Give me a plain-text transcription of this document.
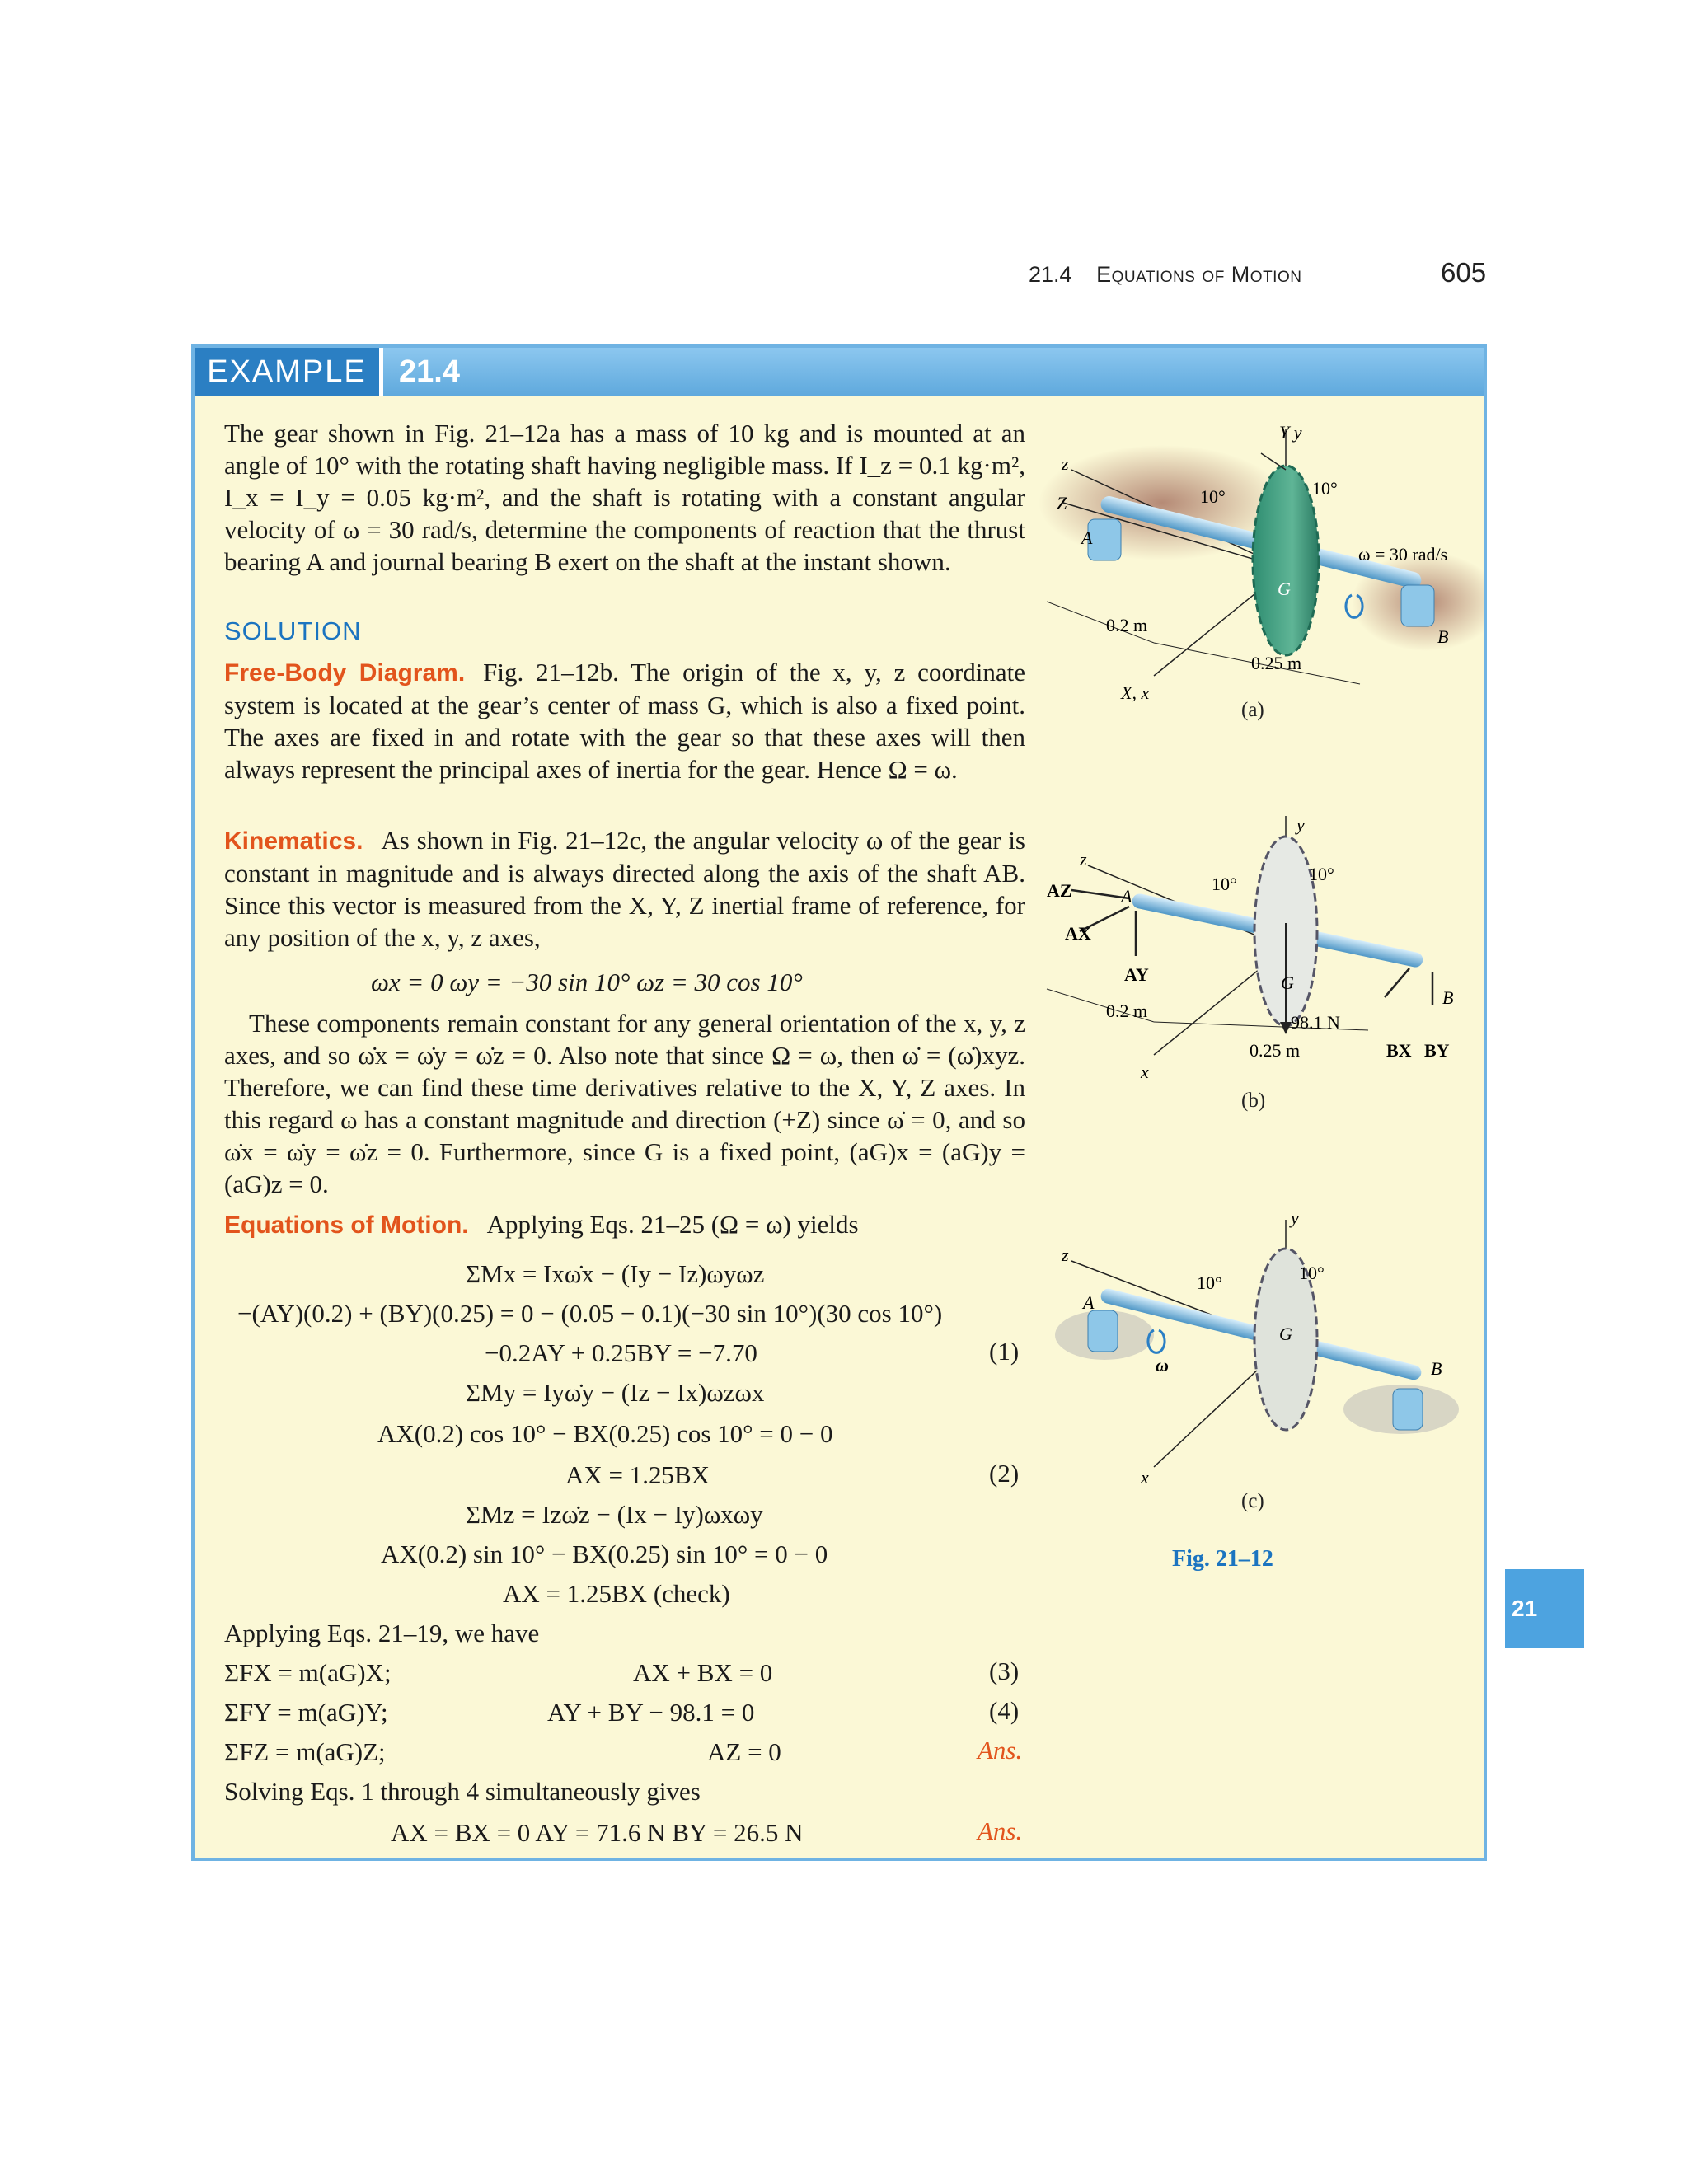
21.4 Equations of Motion	605
EXAMPLE	21.4

The gear shown in Fig. 21–12a has a mass of 10 kg and is mounted at an angle of 10° with the rotating shaft having negligible mass. If I_z = 0.1 kg·m², I_x = I_y = 0.05 kg·m², and the shaft is rotating with a constant angular velocity of ω = 30 rad/s, determine the components of reaction that the thrust bearing A and journal bearing B exert on the shaft at the instant shown.

SOLUTION

Free-Body Diagram. Fig. 21–12b. The origin of the x, y, z coordinate system is located at the gear’s center of mass G, which is also a fixed point. The axes are fixed in and rotate with the gear so that these axes will then always represent the principal axes of inertia for the gear. Hence Ω = ω.

Kinematics. As shown in Fig. 21–12c, the angular velocity ω of the gear is constant in magnitude and is always directed along the axis of the shaft AB. Since this vector is measured from the X, Y, Z inertial frame of reference, for any position of the x, y, z axes,

ωx = 0 ωy = −30 sin 10° ωz = 30 cos 10°

These components remain constant for any general orientation of the x, y, z axes, and so ω̇x = ω̇y = ω̇z = 0. Also note that since Ω = ω, then ω̇ = (ω̇)xyz. Therefore, we can find these time derivatives relative to the X, Y, Z axes. In this regard ω has a constant magnitude and direction (+Z) since ω̇ = 0, and so ω̇x = ω̇y = ω̇z = 0. Furthermore, since G is a fixed point, (aG)x = (aG)y = (aG)z = 0.

Equations of Motion. Applying Eqs. 21–25 (Ω = ω) yields

ΣMx = Ixω̇x − (Iy − Iz)ωyωz
−(AY)(0.2) + (BY)(0.25) = 0 − (0.05 − 0.1)(−30 sin 10°)(30 cos 10°)
−0.2AY + 0.25BY = −7.70	(1)
ΣMy = Iyω̇y − (Iz − Ix)ωzωx
AX(0.2) cos 10° − BX(0.25) cos 10° = 0 − 0
AX = 1.25BX	(2)
ΣMz = Izω̇z − (Ix − Iy)ωxωy
AX(0.2) sin 10° − BX(0.25) sin 10° = 0 − 0
AX = 1.25BX (check)
Applying Eqs. 21–19, we have
ΣFX = m(aG)X;	AX + BX = 0	(3)
ΣFY = m(aG)Y;	AY + BY − 98.1 = 0	(4)
ΣFZ = m(aG)Z;	AZ = 0	Ans.
Solving Eqs. 1 through 4 simultaneously gives
AX = BX = 0 AY = 71.6 N BY = 26.5 N	Ans.
Y y
z
Z
A
B
G
X, x
10°	10°
ω = 30 rad/s
0.2 m
0.25 m
(a)
y
z
x
A
B
G
AZ
AX
AY
BX BY
98.1 N
10°	10°
0.2 m
0.25 m
(b)
y
z
x
A
B
G
ω
10°	10°
(c)
Fig. 21–12
21
